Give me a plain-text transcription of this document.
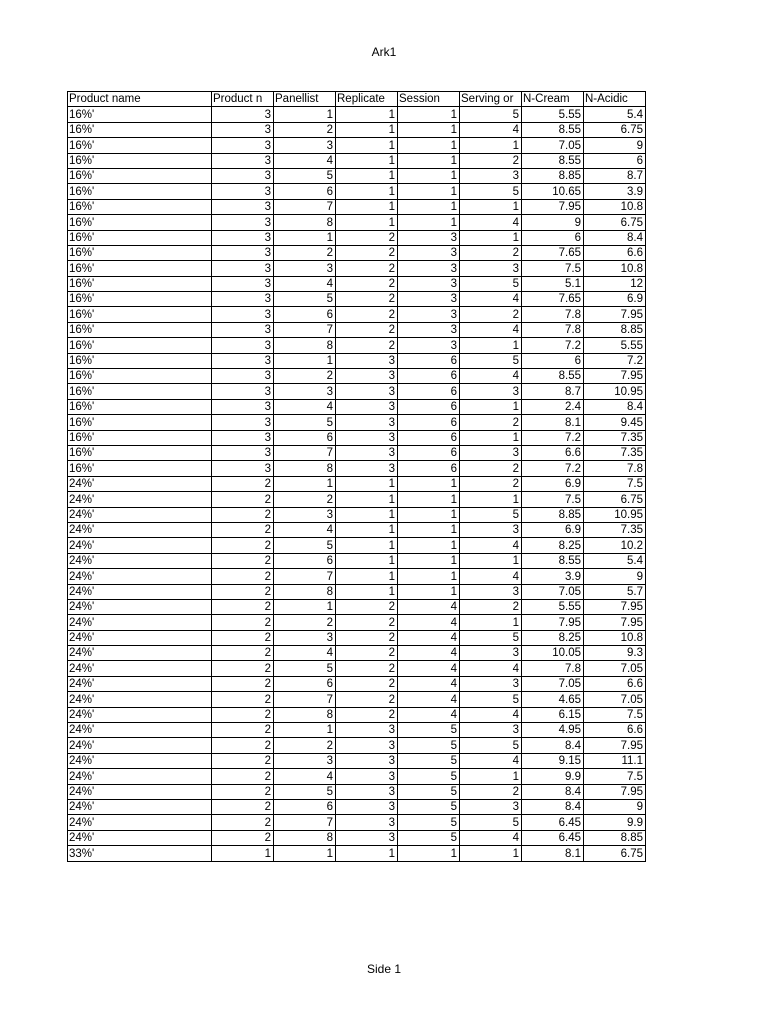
Ark1
Product name	Product n	Panellist	Replicate	Session	Serving or	N-Cream	N-Acidic
16%'	3	1	1	1	5	5.55	5.4
16%'	3	2	1	1	4	8.55	6.75
16%'	3	3	1	1	1	7.05	9
16%'	3	4	1	1	2	8.55	6
16%'	3	5	1	1	3	8.85	8.7
16%'	3	6	1	1	5	10.65	3.9
16%'	3	7	1	1	1	7.95	10.8
16%'	3	8	1	1	4	9	6.75
16%'	3	1	2	3	1	6	8.4
16%'	3	2	2	3	2	7.65	6.6
16%'	3	3	2	3	3	7.5	10.8
16%'	3	4	2	3	5	5.1	12
16%'	3	5	2	3	4	7.65	6.9
16%'	3	6	2	3	2	7.8	7.95
16%'	3	7	2	3	4	7.8	8.85
16%'	3	8	2	3	1	7.2	5.55
16%'	3	1	3	6	5	6	7.2
16%'	3	2	3	6	4	8.55	7.95
16%'	3	3	3	6	3	8.7	10.95
16%'	3	4	3	6	1	2.4	8.4
16%'	3	5	3	6	2	8.1	9.45
16%'	3	6	3	6	1	7.2	7.35
16%'	3	7	3	6	3	6.6	7.35
16%'	3	8	3	6	2	7.2	7.8
24%'	2	1	1	1	2	6.9	7.5
24%'	2	2	1	1	1	7.5	6.75
24%'	2	3	1	1	5	8.85	10.95
24%'	2	4	1	1	3	6.9	7.35
24%'	2	5	1	1	4	8.25	10.2
24%'	2	6	1	1	1	8.55	5.4
24%'	2	7	1	1	4	3.9	9
24%'	2	8	1	1	3	7.05	5.7
24%'	2	1	2	4	2	5.55	7.95
24%'	2	2	2	4	1	7.95	7.95
24%'	2	3	2	4	5	8.25	10.8
24%'	2	4	2	4	3	10.05	9.3
24%'	2	5	2	4	4	7.8	7.05
24%'	2	6	2	4	3	7.05	6.6
24%'	2	7	2	4	5	4.65	7.05
24%'	2	8	2	4	4	6.15	7.5
24%'	2	1	3	5	3	4.95	6.6
24%'	2	2	3	5	5	8.4	7.95
24%'	2	3	3	5	4	9.15	11.1
24%'	2	4	3	5	1	9.9	7.5
24%'	2	5	3	5	2	8.4	7.95
24%'	2	6	3	5	3	8.4	9
24%'	2	7	3	5	5	6.45	9.9
24%'	2	8	3	5	4	6.45	8.85
33%'	1	1	1	1	1	8.1	6.75
Side 1
